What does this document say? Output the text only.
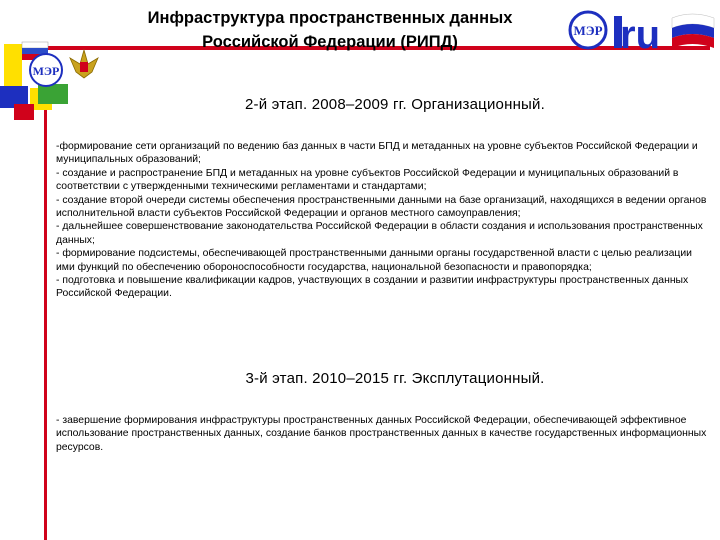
МЭР
Инфраструктура пространственных данных
Российской Федерации (РИПД)
МЭР ru
2-й этап. 2008–2009 гг. Организационный.
-формирование сети организаций по ведению баз данных в части БПД и метаданных на уровне субъектов Российской Федерации и муниципальных образований;
- создание и распространение БПД и метаданных на уровне субъектов Российской Федерации и муниципальных образований в соответствии с утвержденными техническими регламентами и стандартами;
- создание второй очереди системы обеспечения пространственными данными на базе организаций, находящихся в ведении органов исполнительной власти субъектов Российской Федерации и органов местного самоуправления;
- дальнейшее совершенствование законодательства Российской Федерации в области создания и использования пространственных данных;
- формирование подсистемы, обеспечивающей пространственными данными органы государственной власти с целью реализации ими функций по обеспечению обороноспособности государства, национальной безопасности и правопорядка;
- подготовка и повышение квалификации кадров, участвующих в создании и развитии инфраструктуры пространственных данных Российской Федерации.
3-й этап. 2010–2015 гг. Эксплутационный.
- завершение формирования инфраструктуры пространственных данных Российской Федерации, обеспечивающей эффективное использование пространственных данных, создание банков пространственных данных в качестве государственных информационных ресурсов.
